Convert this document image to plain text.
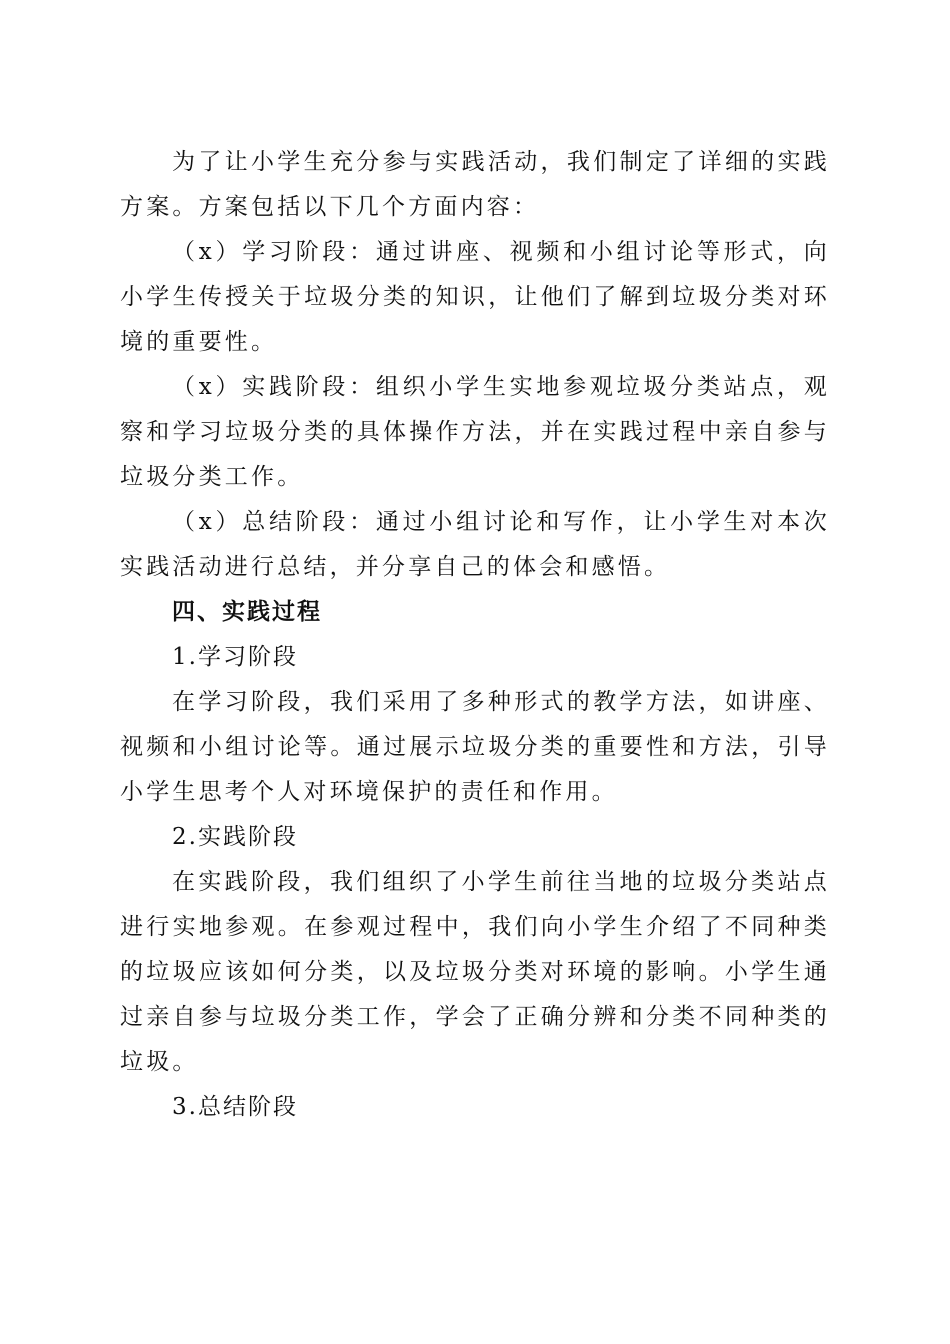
为了让小学生充分参与实践活动，我们制定了详细的实践方案。方案包括以下几个方面内容：

（x）学习阶段：通过讲座、视频和小组讨论等形式，向小学生传授关于垃圾分类的知识，让他们了解到垃圾分类对环境的重要性。

（x）实践阶段：组织小学生实地参观垃圾分类站点，观察和学习垃圾分类的具体操作方法，并在实践过程中亲自参与垃圾分类工作。

（x）总结阶段：通过小组讨论和写作，让小学生对本次实践活动进行总结，并分享自己的体会和感悟。

四、实践过程

1.学习阶段

在学习阶段，我们采用了多种形式的教学方法，如讲座、视频和小组讨论等。通过展示垃圾分类的重要性和方法，引导小学生思考个人对环境保护的责任和作用。

2.实践阶段

在实践阶段，我们组织了小学生前往当地的垃圾分类站点进行实地参观。在参观过程中，我们向小学生介绍了不同种类的垃圾应该如何分类，以及垃圾分类对环境的影响。小学生通过亲自参与垃圾分类工作，学会了正确分辨和分类不同种类的垃圾。

3.总结阶段
